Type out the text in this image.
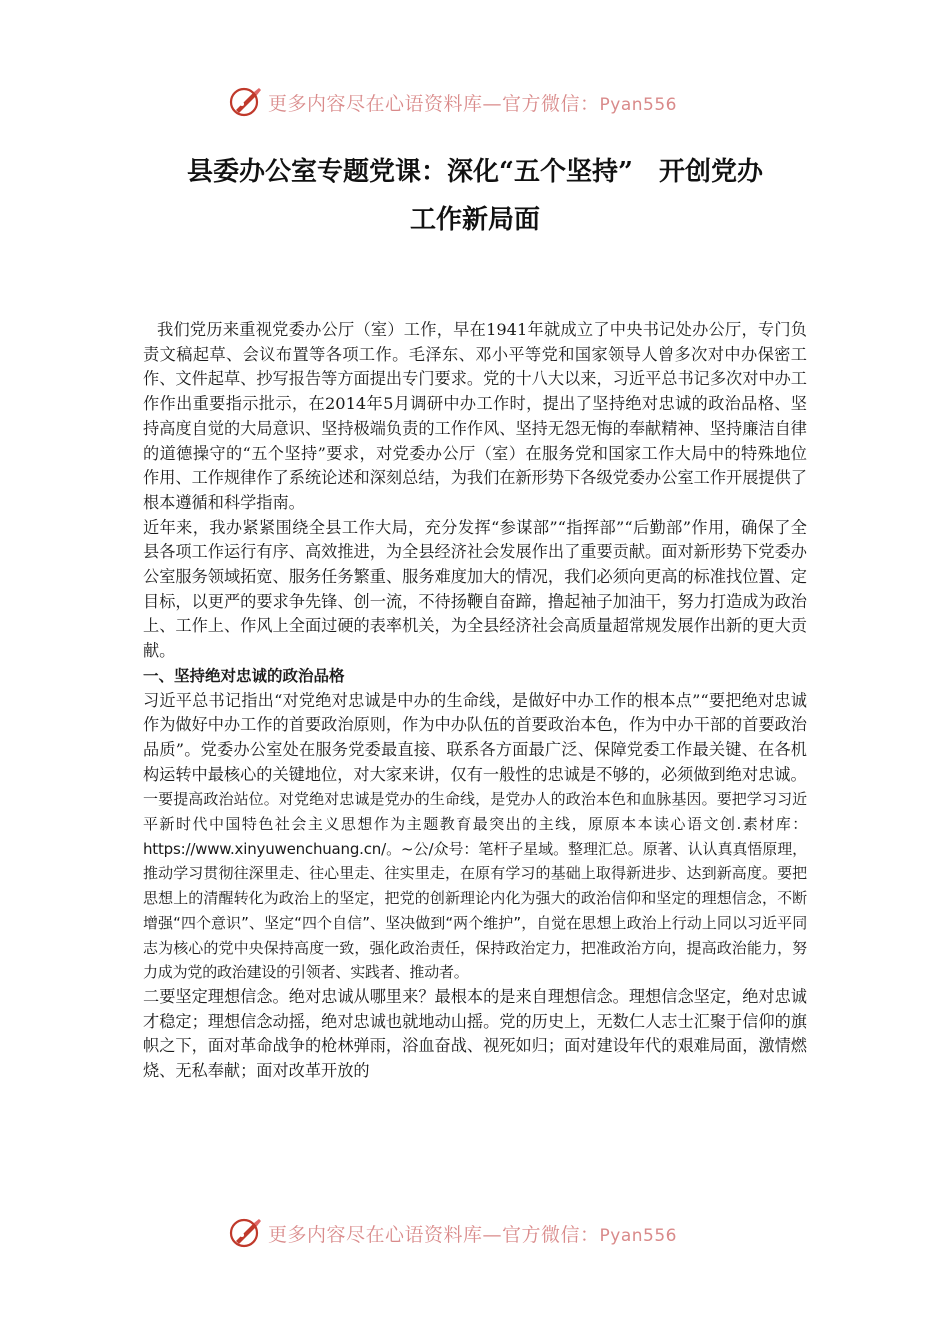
更多内容尽在心语资料库—官方微信：Pyan556
县委办公室专题党课：深化“五个坚持”　开创党办
工作新局面

我们党历来重视党委办公厅（室）工作，早在1941年就成立了中央书记处办公厅，专门负责文稿起草、会议布置等各项工作。毛泽东、邓小平等党和国家领导人曾多次对中办保密工作、文件起草、抄写报告等方面提出专门要求。党的十八大以来，习近平总书记多次对中办工作作出重要指示批示，在2014年5月调研中办工作时，提出了坚持绝对忠诚的政治品格、坚持高度自觉的大局意识、坚持极端负责的工作作风、坚持无怨无悔的奉献精神、坚持廉洁自律的道德操守的“五个坚持”要求，对党委办公厅（室）在服务党和国家工作大局中的特殊地位作用、工作规律作了系统论述和深刻总结，为我们在新形势下各级党委办公室工作开展提供了根本遵循和科学指南。

近年来，我办紧紧围绕全县工作大局，充分发挥“参谋部”“指挥部”“后勤部”作用，确保了全县各项工作运行有序、高效推进，为全县经济社会发展作出了重要贡献。面对新形势下党委办公室服务领域拓宽、服务任务繁重、服务难度加大的情况，我们必须向更高的标准找位置、定目标，以更严的要求争先锋、创一流，不待扬鞭自奋蹄，撸起袖子加油干，努力打造成为政治上、工作上、作风上全面过硬的表率机关，为全县经济社会高质量超常规发展作出新的更大贡献。

一、坚持绝对忠诚的政治品格

习近平总书记指出“对党绝对忠诚是中办的生命线，是做好中办工作的根本点”“要把绝对忠诚作为做好中办工作的首要政治原则，作为中办队伍的首要政治本色，作为中办干部的首要政治品质”。党委办公室处在服务党委最直接、联系各方面最广泛、保障党委工作最关键、在各机构运转中最核心的关键地位，对大家来讲，仅有一般性的忠诚是不够的，必须做到绝对忠诚。

一要提高政治站位。对党绝对忠诚是党办的生命线，是党办人的政治本色和血脉基因。要把学习习近平新时代中国特色社会主义思想作为主题教育最突出的主线，原原本本读心语文创.素材库：https://www.xinyuwenchuang.cn/。~公/众号：笔杆子星域。整理汇总。原著、认认真真悟原理，推动学习贯彻往深里走、往心里走、往实里走，在原有学习的基础上取得新进步、达到新高度。要把思想上的清醒转化为政治上的坚定，把党的创新理论内化为强大的政治信仰和坚定的理想信念，不断增强“四个意识”、坚定“四个自信”、坚决做到“两个维护”，自觉在思想上政治上行动上同以习近平同志为核心的党中央保持高度一致，强化政治责任，保持政治定力，把准政治方向，提高政治能力，努力成为党的政治建设的引领者、实践者、推动者。

二要坚定理想信念。绝对忠诚从哪里来？最根本的是来自理想信念。理想信念坚定，绝对忠诚才稳定；理想信念动摇，绝对忠诚也就地动山摇。党的历史上，无数仁人志士汇聚于信仰的旗帜之下，面对革命战争的枪林弹雨，浴血奋战、视死如归；面对建设年代的艰难局面，激情燃烧、无私奉献；面对改革开放的

更多内容尽在心语资料库—官方微信：Pyan556
